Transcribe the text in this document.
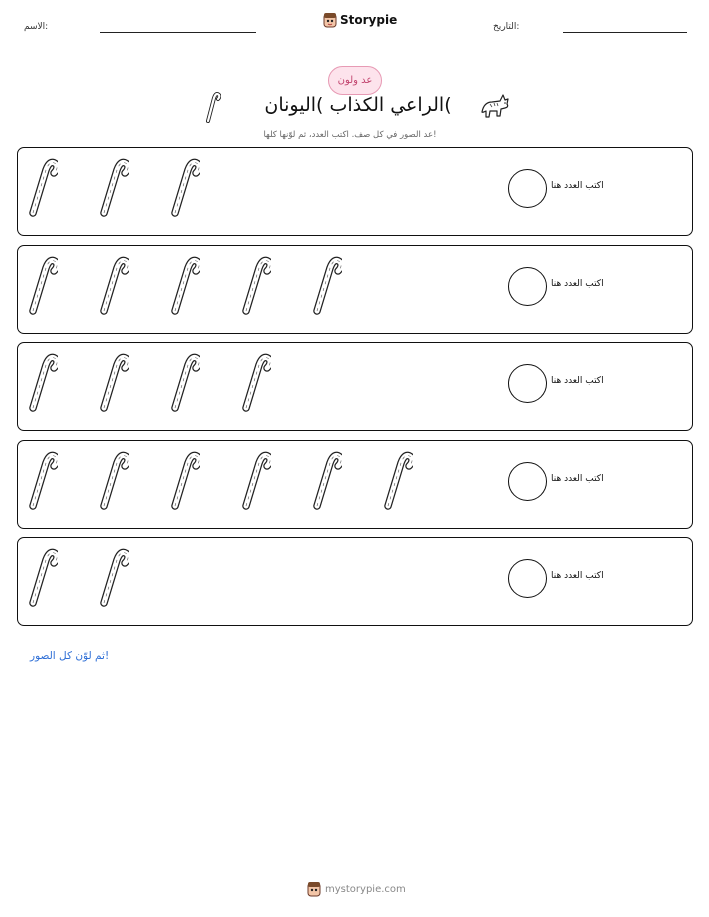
الاسم:	Storypie	التاريخ:
عد ولون
الراعي الكذاب )اليونان(
عد الصور في كل صف. اكتب العدد، ثم لوّنها كلها!
اكتب العدد هنا
اكتب العدد هنا
اكتب العدد هنا
اكتب العدد هنا
اكتب العدد هنا
ثم لوّن كل الصور!
mystorypie.com
